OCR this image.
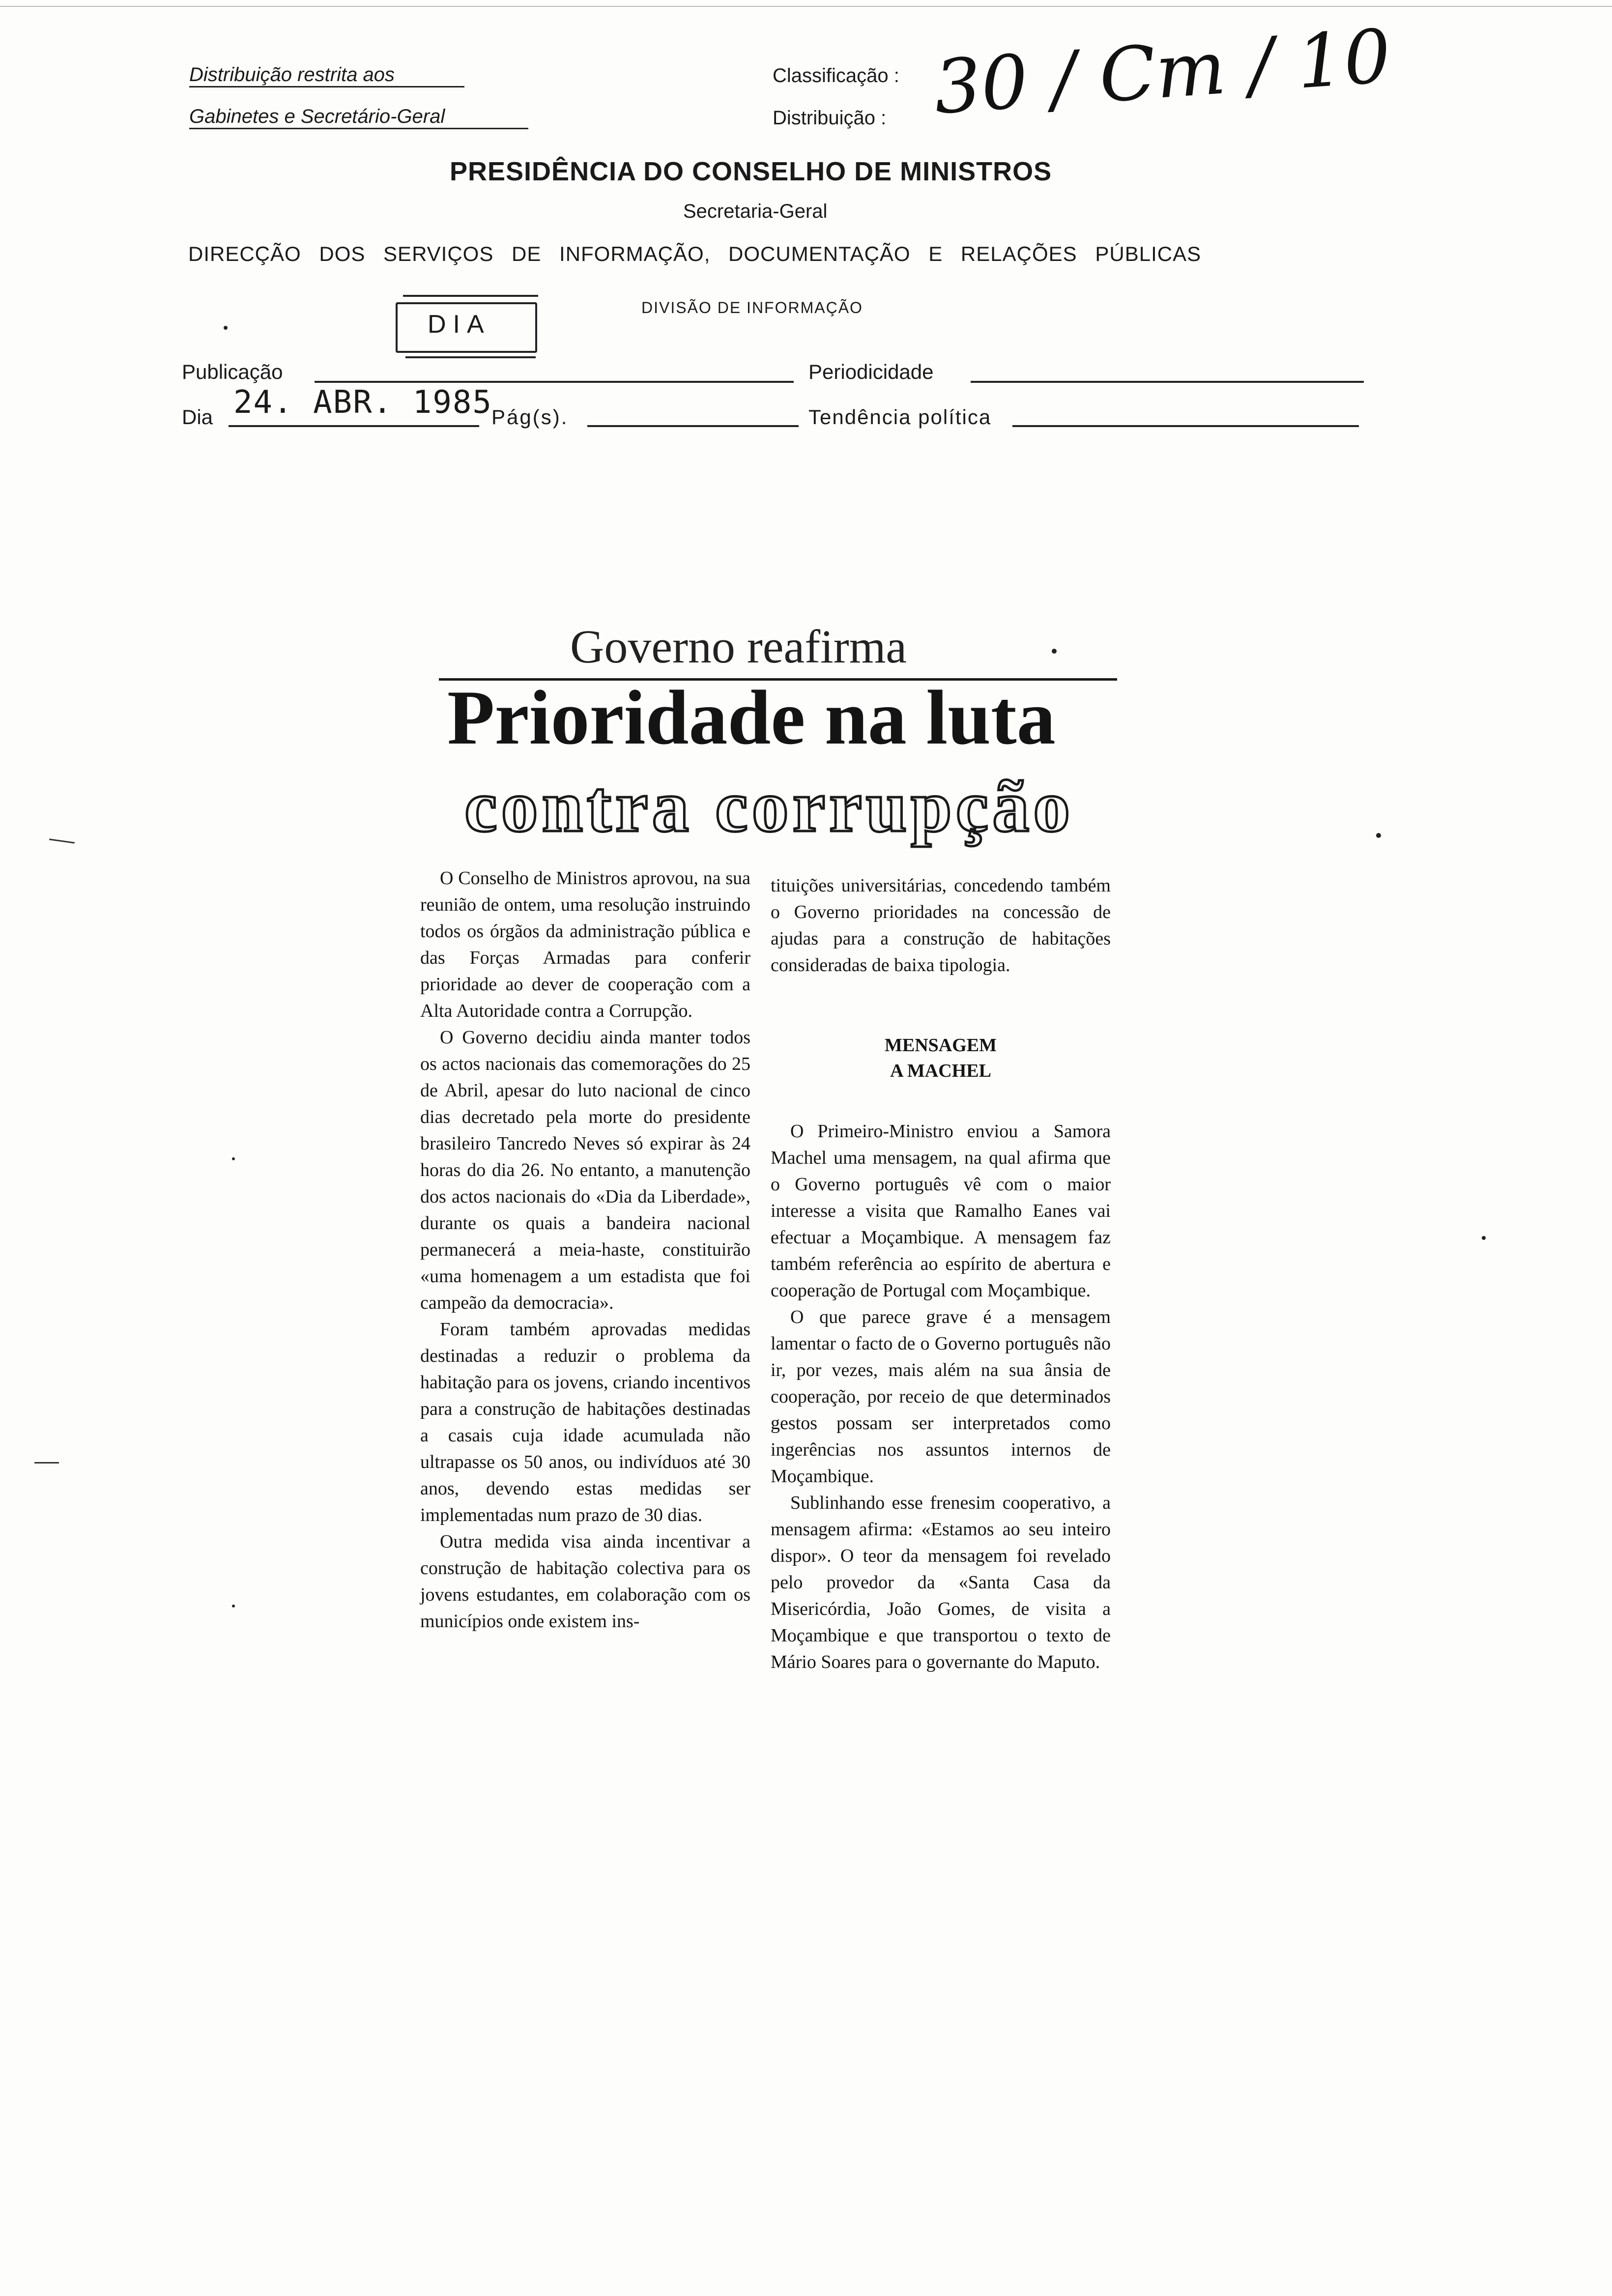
Distribuição restrita aos
Gabinetes e Secretário-Geral
Classificação :
Distribuição : 30 / Cm / 10
PRESIDÊNCIA DO CONSELHO DE MINISTROS
Secretaria-Geral
DIRECÇÃO DOS SERVIÇOS DE INFORMAÇÃO, DOCUMENTAÇÃO E RELAÇÕES PÚBLICAS
DIA
DIVISÃO DE INFORMAÇÃO
Publicação	Periodicidade
Dia 24. ABR. 1985
Pág(s).	Tendência política
Governo reafirma
Prioridade na luta
contra corrupção

O Conselho de Ministros aprovou, na sua reunião de ontem, uma resolução instruindo todos os órgãos da administração pública e das Forças Armadas para conferir prioridade ao dever de cooperação com a Alta Autoridade contra a Corrupção.

O Governo decidiu ainda manter todos os actos nacionais das comemorações do 25 de Abril, apesar do luto nacional de cinco dias decretado pela morte do presidente brasileiro Tancredo Neves só expirar às 24 horas do dia 26. No entanto, a manutenção dos actos nacionais do «Dia da Liberdade», durante os quais a bandeira nacional permanecerá a meia-haste, constituirão «uma homenagem a um estadista que foi campeão da democracia».

Foram também aprovadas medidas destinadas a reduzir o problema da habitação para os jovens, criando incentivos para a construção de habitações destinadas a casais cuja idade acumulada não ultrapasse os 50 anos, ou indivíduos até 30 anos, devendo estas medidas ser implementadas num prazo de 30 dias.

Outra medida visa ainda incentivar a construção de habitação colectiva para os jovens estudantes, em colaboração com os municípios onde existem ins-

tituições universitárias, concedendo também o Governo prioridades na concessão de ajudas para a construção de habitações consideradas de baixa tipologia.

MENSAGEM
A MACHEL

O Primeiro-Ministro enviou a Samora Machel uma mensagem, na qual afirma que o Governo português vê com o maior interesse a visita que Ramalho Eanes vai efectuar a Moçambique. A mensagem faz também referência ao espírito de abertura e cooperação de Portugal com Moçambique.

O que parece grave é a mensagem lamentar o facto de o Governo português não ir, por vezes, mais além na sua ânsia de cooperação, por receio de que determinados gestos possam ser interpretados como ingerências nos assuntos internos de Moçambique.

Sublinhando esse frenesim cooperativo, a mensagem afirma: «Estamos ao seu inteiro dispor». O teor da mensagem foi revelado pelo provedor da «Santa Casa da Misericórdia, João Gomes, de visita a Moçambique e que transportou o texto de Mário Soares para o governante do Maputo.
